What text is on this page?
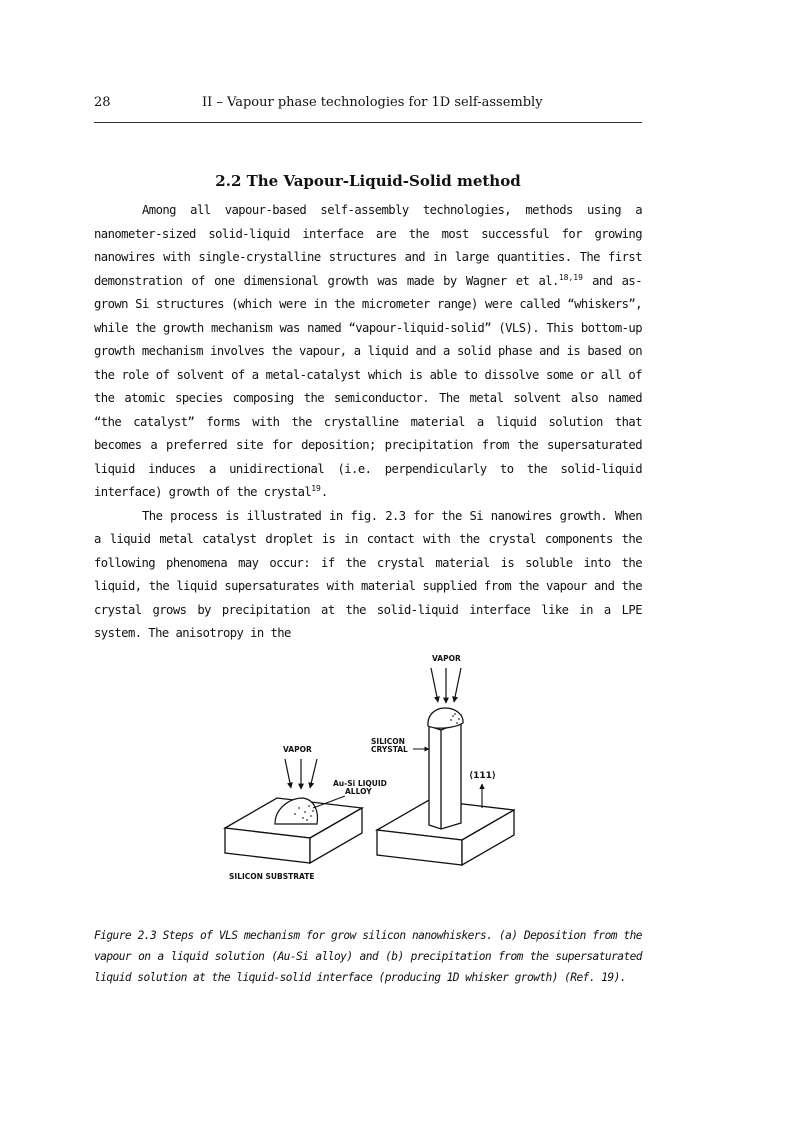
28	II – Vapour phase technologies for 1D self-assembly
2.2 The Vapour-Liquid-Solid method

Among all vapour-based self-assembly technologies, methods using a nanometer-sized solid-liquid interface are the most successful for growing nanowires with single-crystalline structures and in large quantities. The first demonstration of one dimensional growth was made by Wagner et al.$^{18,19}$ and as-grown Si structures (which were in the micrometer range) were called “whiskers”, while the growth mechanism was named “vapour-liquid-solid” (VLS). This bottom-up growth mechanism involves the vapour, a liquid and a solid phase and is based on the role of solvent of a metal-catalyst which is able to dissolve some or all of the atomic species composing the semiconductor. The metal solvent also named “the catalyst” forms with the crystalline material a liquid solution that becomes a preferred site for deposition; precipitation from the supersaturated liquid induces a unidirectional (i.e. perpendicularly to the solid-liquid interface) growth of the crystal$^{19}$.

The process is illustrated in fig. 2.3 for the Si nanowires growth. When a liquid metal catalyst droplet is in contact with the crystal components the following phenomena may occur: if the crystal material is soluble into the liquid, the liquid supersaturates with material supplied from the vapour and the crystal grows by precipitation at the solid-liquid interface like in a LPE system. The anisotropy in the

VAPOR
Au-Si LIQUID
ALLOY
VAPOR
SILICON
CRYSTAL
⟨111⟩
SILICON SUBSTRATE
Figure 2.3 Steps of VLS mechanism for grow silicon nanowhiskers. (a) Deposition from the vapour on a liquid solution (Au-Si alloy) and (b) precipitation from the supersaturated liquid solution at the liquid-solid interface (producing 1D whisker growth) (Ref. 19).
